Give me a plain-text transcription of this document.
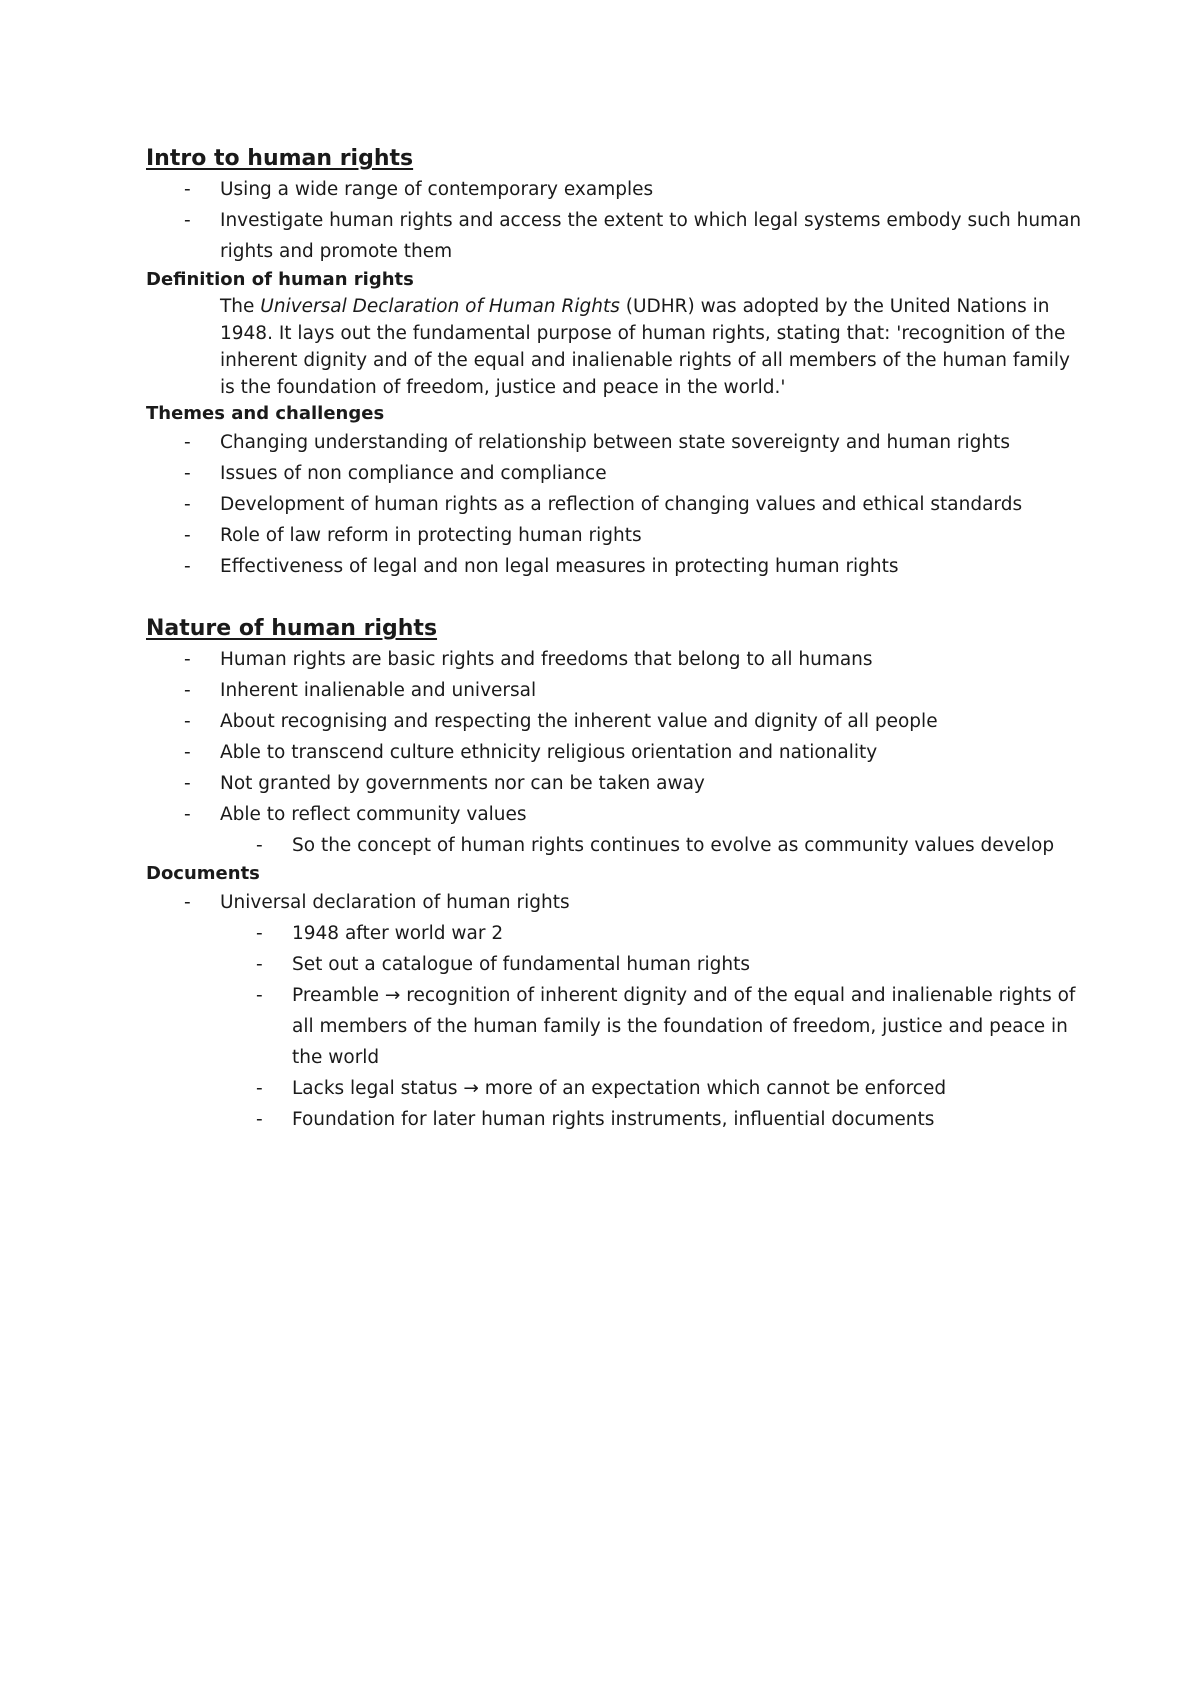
Intro to human rights
- Using a wide range of contemporary examples
- Investigate human rights and access the extent to which legal systems embody such human rights and promote them
Definition of human rights

The Universal Declaration of Human Rights (UDHR) was adopted by the United Nations in 1948. It lays out the fundamental purpose of human rights, stating that: 'recognition of the inherent dignity and of the equal and inalienable rights of all members of the human family is the foundation of freedom, justice and peace in the world.'

Themes and challenges
- Changing understanding of relationship between state sovereignty and human rights
- Issues of non compliance and compliance
- Development of human rights as a reflection of changing values and ethical standards
- Role of law reform in protecting human rights
- Effectiveness of legal and non legal measures in protecting human rights
Nature of human rights
- Human rights are basic rights and freedoms that belong to all humans
- Inherent inalienable and universal
- About recognising and respecting the inherent value and dignity of all people
- Able to transcend culture ethnicity religious orientation and nationality
- Not granted by governments nor can be taken away
- Able to reflect community values
- So the concept of human rights continues to evolve as community values develop
Documents
- Universal declaration of human rights
- 1948 after world war 2
- Set out a catalogue of fundamental human rights
- Preamble → recognition of inherent dignity and of the equal and inalienable rights of all members of the human family is the foundation of freedom, justice and peace in the world
- Lacks legal status → more of an expectation which cannot be enforced
- Foundation for later human rights instruments, influential documents
